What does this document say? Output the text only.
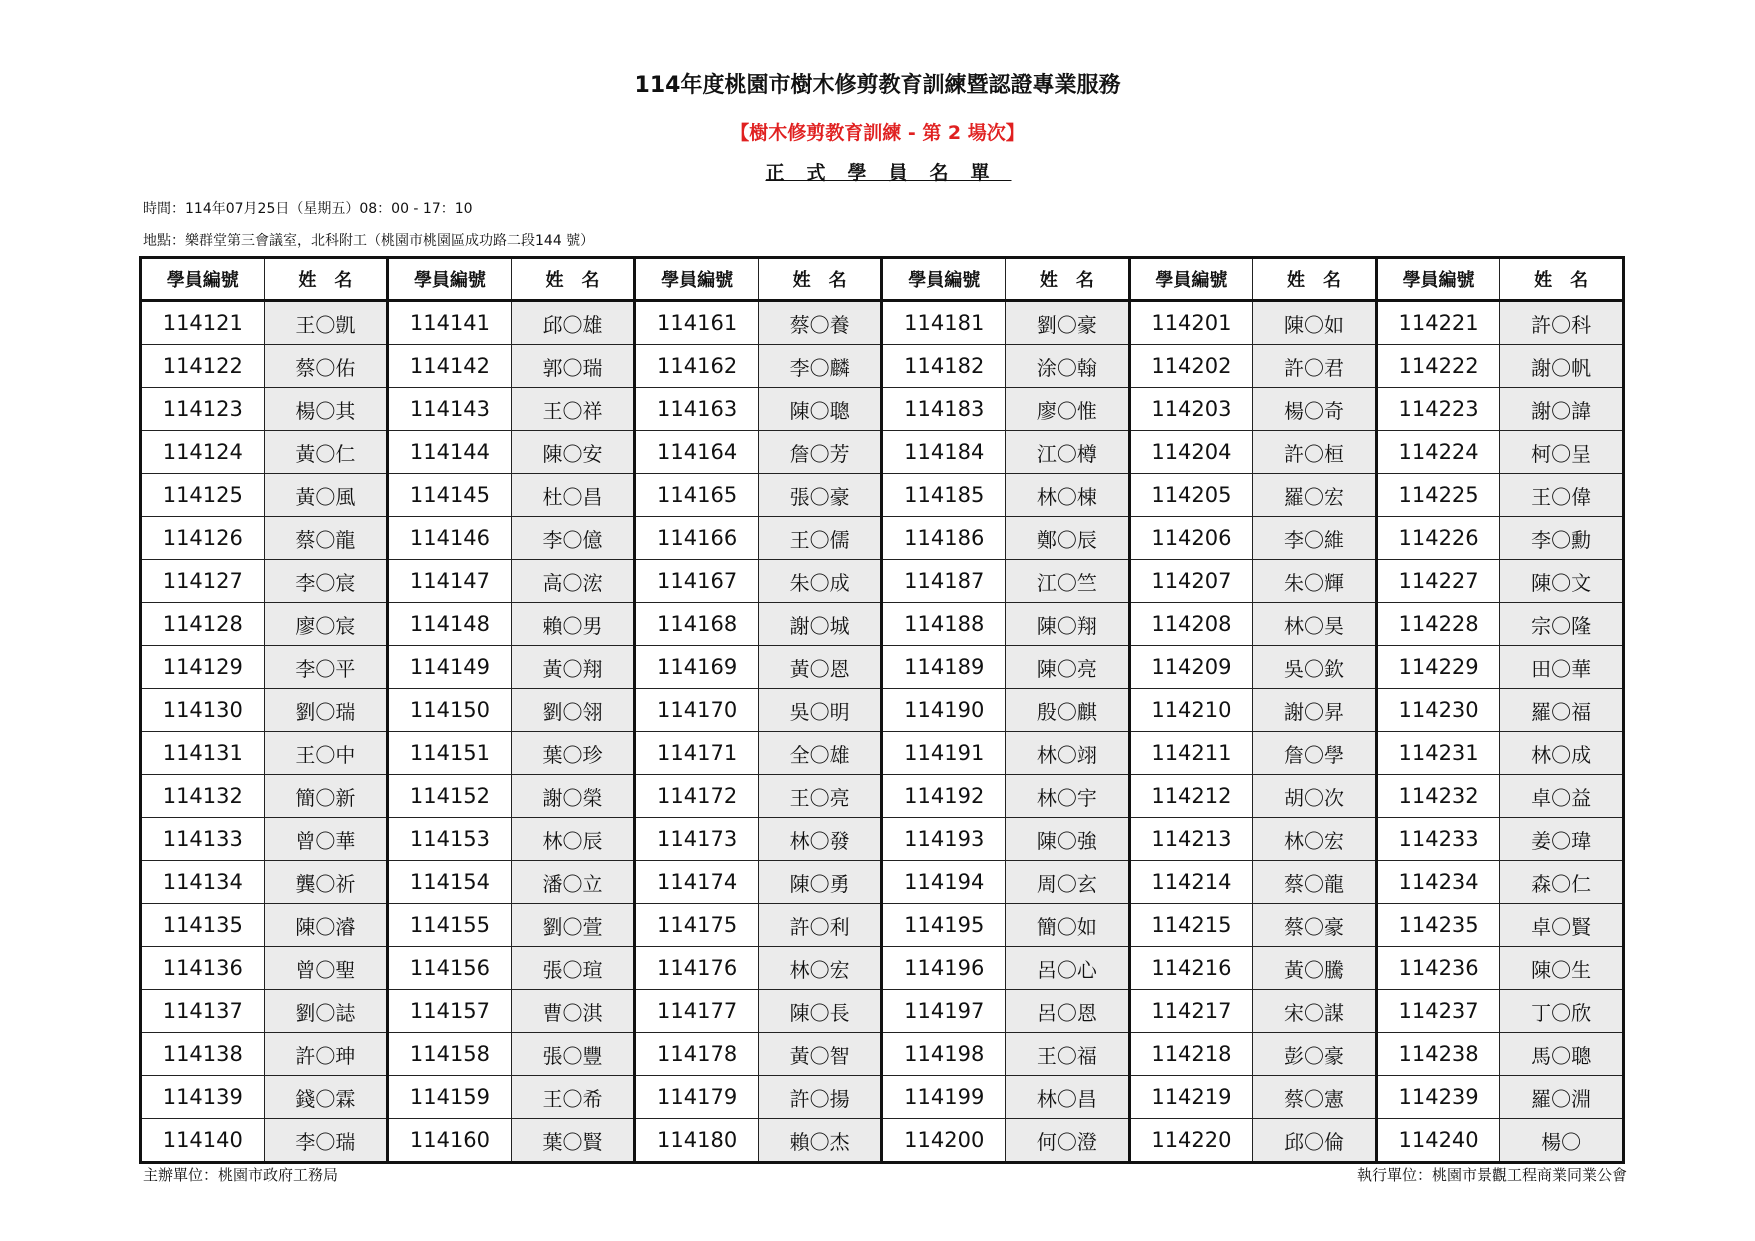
114年度桃園市樹木修剪教育訓練暨認證專業服務
【樹木修剪教育訓練 - 第 2 場次】
正式學員名單
時間：114年07月25日（星期五）08：00 - 17：10
地點：樂群堂第三會議室，北科附工（桃園市桃園區成功路二段144 號）
學員編號	姓　名	學員編號	姓　名	學員編號	姓　名	學員編號	姓　名	學員編號	姓　名	學員編號	姓　名
114121	王〇凱	114141	邱〇雄	114161	蔡〇養	114181	劉〇豪	114201	陳〇如	114221	許〇科
114122	蔡〇佑	114142	郭〇瑞	114162	李〇麟	114182	涂〇翰	114202	許〇君	114222	謝〇帆
114123	楊〇其	114143	王〇祥	114163	陳〇聰	114183	廖〇惟	114203	楊〇奇	114223	謝〇諱
114124	黃〇仁	114144	陳〇安	114164	詹〇芳	114184	江〇樽	114204	許〇桓	114224	柯〇呈
114125	黃〇風	114145	杜〇昌	114165	張〇豪	114185	林〇棟	114205	羅〇宏	114225	王〇偉
114126	蔡〇龍	114146	李〇億	114166	王〇儒	114186	鄭〇辰	114206	李〇維	114226	李〇勳
114127	李〇宸	114147	高〇浤	114167	朱〇成	114187	江〇竺	114207	朱〇輝	114227	陳〇文
114128	廖〇宸	114148	賴〇男	114168	謝〇城	114188	陳〇翔	114208	林〇昊	114228	宗〇隆
114129	李〇平	114149	黃〇翔	114169	黃〇恩	114189	陳〇亮	114209	吳〇欽	114229	田〇華
114130	劉〇瑞	114150	劉〇翎	114170	吳〇明	114190	殷〇麒	114210	謝〇昇	114230	羅〇福
114131	王〇中	114151	葉〇珍	114171	全〇雄	114191	林〇翊	114211	詹〇學	114231	林〇成
114132	簡〇新	114152	謝〇榮	114172	王〇亮	114192	林〇宇	114212	胡〇次	114232	卓〇益
114133	曾〇華	114153	林〇辰	114173	林〇發	114193	陳〇強	114213	林〇宏	114233	姜〇瑋
114134	龔〇祈	114154	潘〇立	114174	陳〇勇	114194	周〇玄	114214	蔡〇龍	114234	森〇仁
114135	陳〇濬	114155	劉〇萱	114175	許〇利	114195	簡〇如	114215	蔡〇豪	114235	卓〇賢
114136	曾〇聖	114156	張〇瑄	114176	林〇宏	114196	呂〇心	114216	黃〇騰	114236	陳〇生
114137	劉〇誌	114157	曹〇淇	114177	陳〇長	114197	呂〇恩	114217	宋〇謀	114237	丁〇欣
114138	許〇珅	114158	張〇豐	114178	黃〇智	114198	王〇福	114218	彭〇豪	114238	馬〇聰
114139	錢〇霖	114159	王〇希	114179	許〇揚	114199	林〇昌	114219	蔡〇憲	114239	羅〇淵
114140	李〇瑞	114160	葉〇賢	114180	賴〇杰	114200	何〇澄	114220	邱〇倫	114240	楊〇
主辦單位：桃園市政府工務局	執行單位：桃園市景觀工程商業同業公會
